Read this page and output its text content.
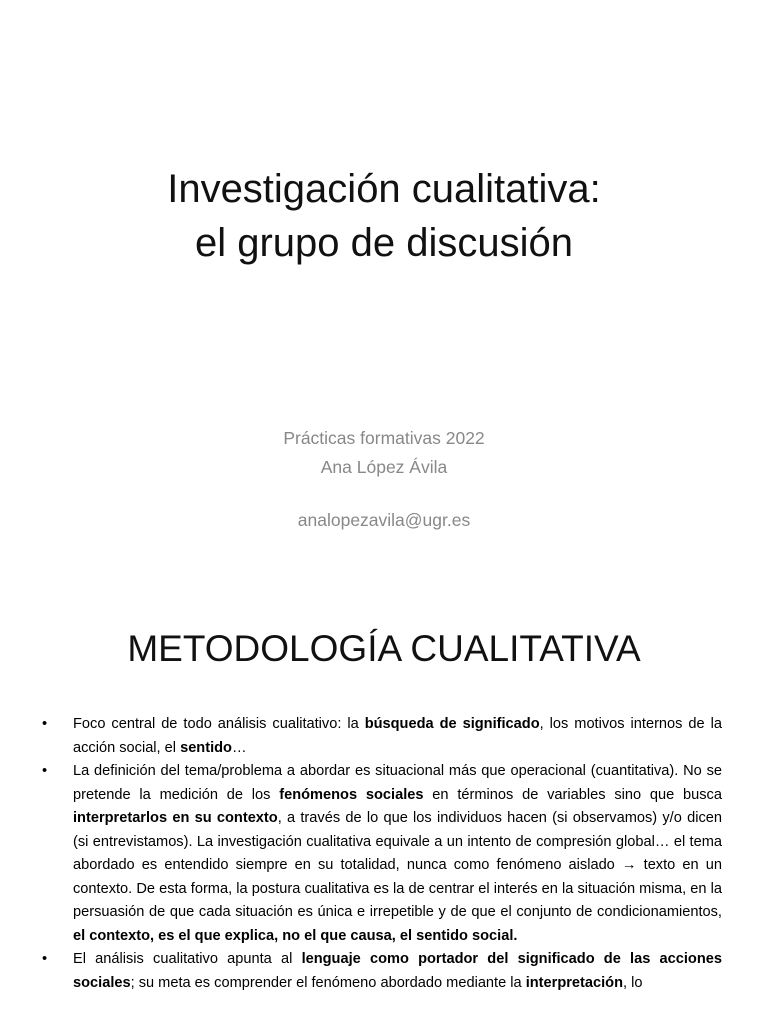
Investigación cualitativa:
el grupo de discusión
Prácticas formativas 2022
Ana López Ávila
analopezavila@ugr.es
METODOLOGÍA CUALITATIVA
•	Foco central de todo análisis cualitativo: la búsqueda de significado, los motivos internos de la acción social, el sentido…
•	La definición del tema/problema a abordar es situacional más que operacional (cuantitativa). No se pretende la medición de los fenómenos sociales en términos de variables sino que busca interpretarlos en su contexto, a través de lo que los individuos hacen (si observamos) y/o dicen (si entrevistamos). La investigación cualitativa equivale a un intento de compresión global… el tema abordado es entendido siempre en su totalidad, nunca como fenómeno aislado → texto en un contexto. De esta forma, la postura cualitativa es la de centrar el interés en la situación misma, en la persuasión de que cada situación es única e irrepetible y de que el conjunto de condicionamientos, el contexto, es el que explica, no el que causa, el sentido social.
•	El análisis cualitativo apunta al lenguaje como portador del significado de las acciones sociales; su meta es comprender el fenómeno abordado mediante la interpretación, lo
